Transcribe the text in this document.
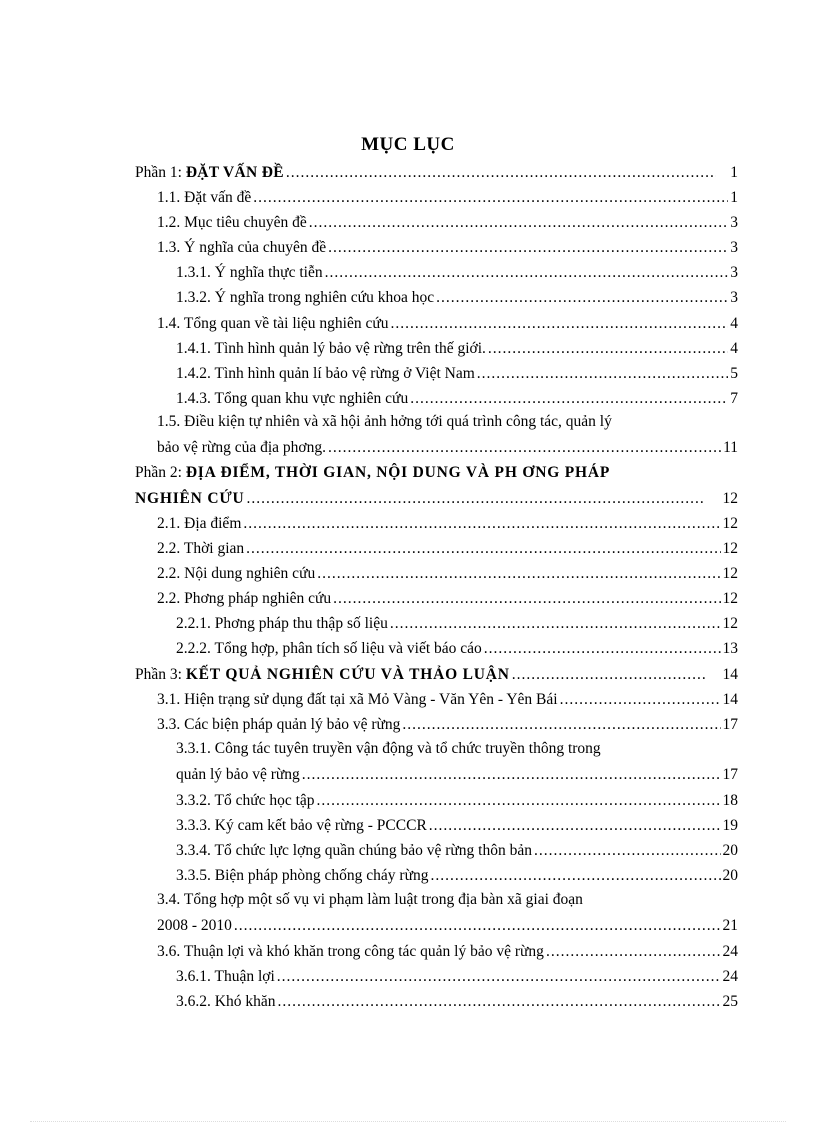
MỤC LỤC
Phần 1: ĐẶT VẤN ĐỀ .....	1
1.1. Đặt vấn đề .....	1
1.2. Mục tiêu chuyên đề .....	3
1.3. Ý nghĩa của chuyên đề .....	3
1.3.1. Ý nghĩa thực tiễn .....	3
1.3.2. Ý nghĩa trong nghiên cứu khoa học .....	3
1.4. Tổng quan về tài liệu nghiên cứu .....	4
1.4.1. Tình hình quản lý bảo vệ rừng trên thế giới. .....	4
1.4.2. Tình hình quản lí bảo vệ rừng ở Việt Nam .....	5
1.4.3. Tổng quan khu vực nghiên cứu .....	7
1.5. Điều kiện tự nhiên và xã hội ảnh hởng tới quá trình công tác, quản lý
bảo vệ rừng của địa phơng. .....	11
Phần 2: ĐỊA ĐIỂM, THỜI GIAN, NỘI DUNG VÀ PH ƠNG PHÁP
NGHIÊN CỨU .....	12
2.1. Địa điểm .....	12
2.2. Thời gian .....	12
2.2. Nội dung nghiên cứu .....	12
2.2. Phơng pháp nghiên cứu .....	12
2.2.1. Phơng pháp thu thập số liệu .....	12
2.2.2. Tổng hợp, phân tích số liệu và viết báo cáo .....	13
Phần 3: KẾT QUẢ NGHIÊN CỨU VÀ THẢO LUẬN .....	14
3.1. Hiện trạng sử dụng đất tại xã Mỏ Vàng - Văn Yên - Yên Bái .....	14
3.3. Các biện pháp quản lý bảo vệ rừng .....	17
3.3.1. Công tác tuyên truyền vận động và tổ chức truyền thông trong
quản lý bảo vệ rừng .....	17
3.3.2. Tổ chức học tập .....	18
3.3.3. Ký cam kết bảo vệ rừng - PCCCR .....	19
3.3.4. Tổ chức lực lợng quần chúng bảo vệ rừng thôn bản .....	20
3.3.5. Biện pháp phòng chống cháy rừng .....	20
3.4. Tổng hợp một số vụ vi phạm làm luật trong địa bàn xã giai đoạn
2008 - 2010 .....	21
3.6. Thuận lợi và khó khăn trong công tác quản lý bảo vệ rừng .....	24
3.6.1. Thuận lợi .....	24
3.6.2. Khó khăn .....	25
